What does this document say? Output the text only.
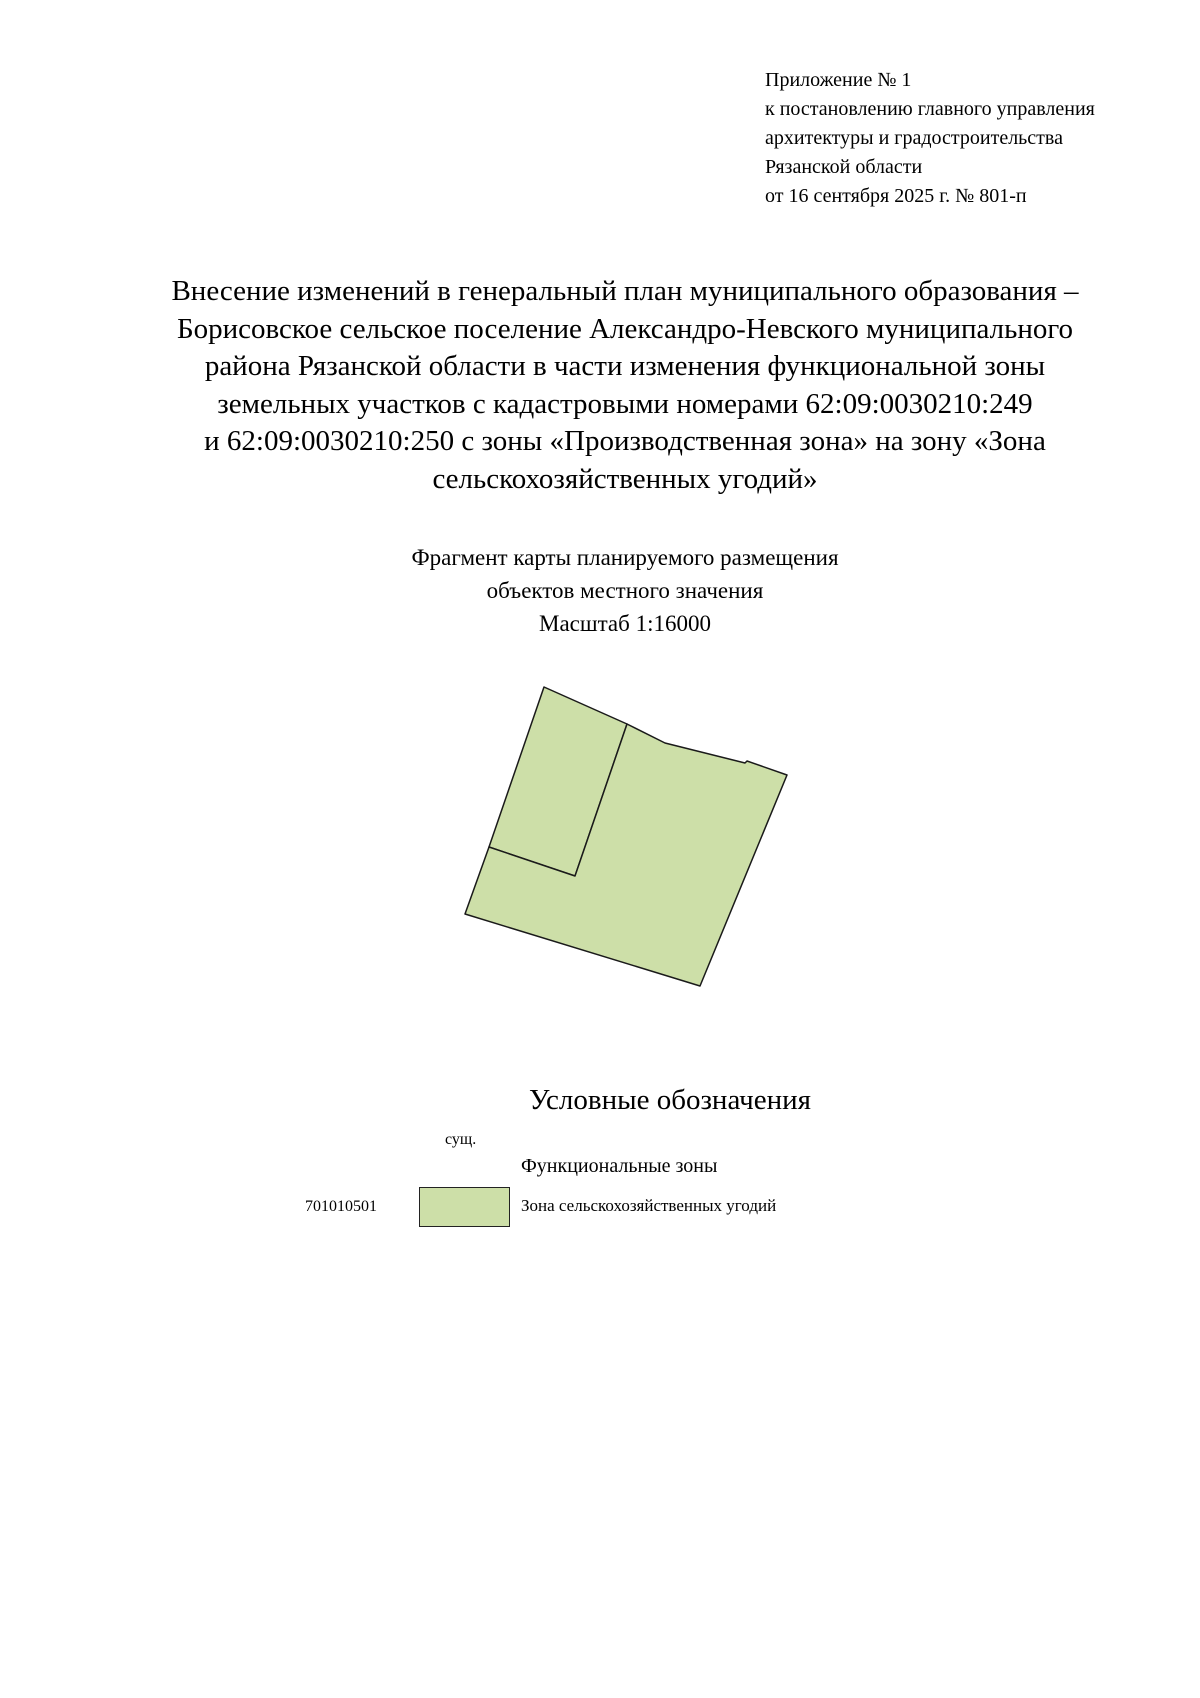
Приложение № 1
к постановлению главного управления
архитектуры и градостроительства
Рязанской области
от 16 сентября 2025 г. № 801-п
Внесение изменений в генеральный план муниципального образования –
Борисовское сельское поселение Александро-Невского муниципального
района Рязанской области в части изменения функциональной зоны
земельных участков с кадастровыми номерами 62:09:0030210:249
и 62:09:0030210:250 с зоны «Производственная зона» на зону «Зона
сельскохозяйственных угодий»
Фрагмент карты планируемого размещения
объектов местного значения
Масштаб 1:16000
Условные обозначения
сущ.
Функциональные зоны
701010501	Зона сельскохозяйственных угодий
